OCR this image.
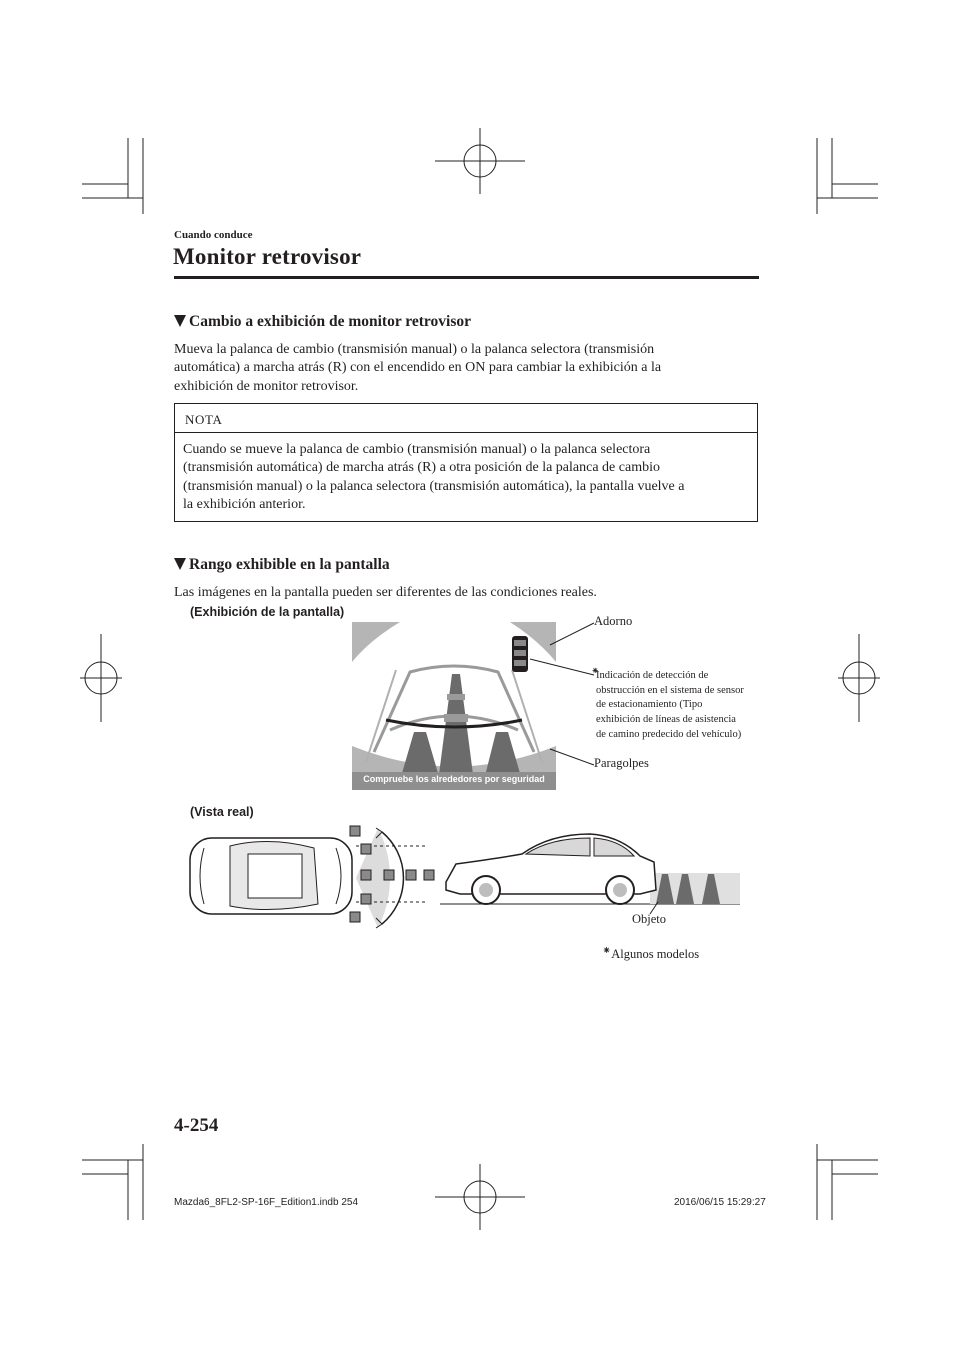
Cuando conduce
Monitor retrovisor
Cambio a exhibición de monitor retrovisor
Mueva la palanca de cambio (transmisión manual) o la palanca selectora (transmisión
automática) a marcha atrás (R) con el encendido en ON para cambiar la exhibición a la
exhibición de monitor retrovisor.
NOTA
Cuando se mueve la palanca de cambio (transmisión manual) o la palanca selectora
(transmisión automática) de marcha atrás (R) a otra posición de la palanca de cambio
(transmisión manual) o la palanca selectora (transmisión automática), la pantalla vuelve a
la exhibición anterior.
Rango exhibible en la pantalla
Las imágenes en la pantalla pueden ser diferentes de las condiciones reales.
(Exhibición de la pantalla)
(Vista real)
Compruebe los alrededores por seguridad
Adorno
⁕
Indicación de detección de
obstrucción en el sistema de sensor
de estacionamiento (Tipo
exhibición de líneas de asistencia
de camino predecido del vehículo)
Paragolpes
Objeto
⁕Algunos modelos
4-254
Mazda6_8FL2-SP-16F_Edition1.indb 254	2016/06/15 15:29:27
